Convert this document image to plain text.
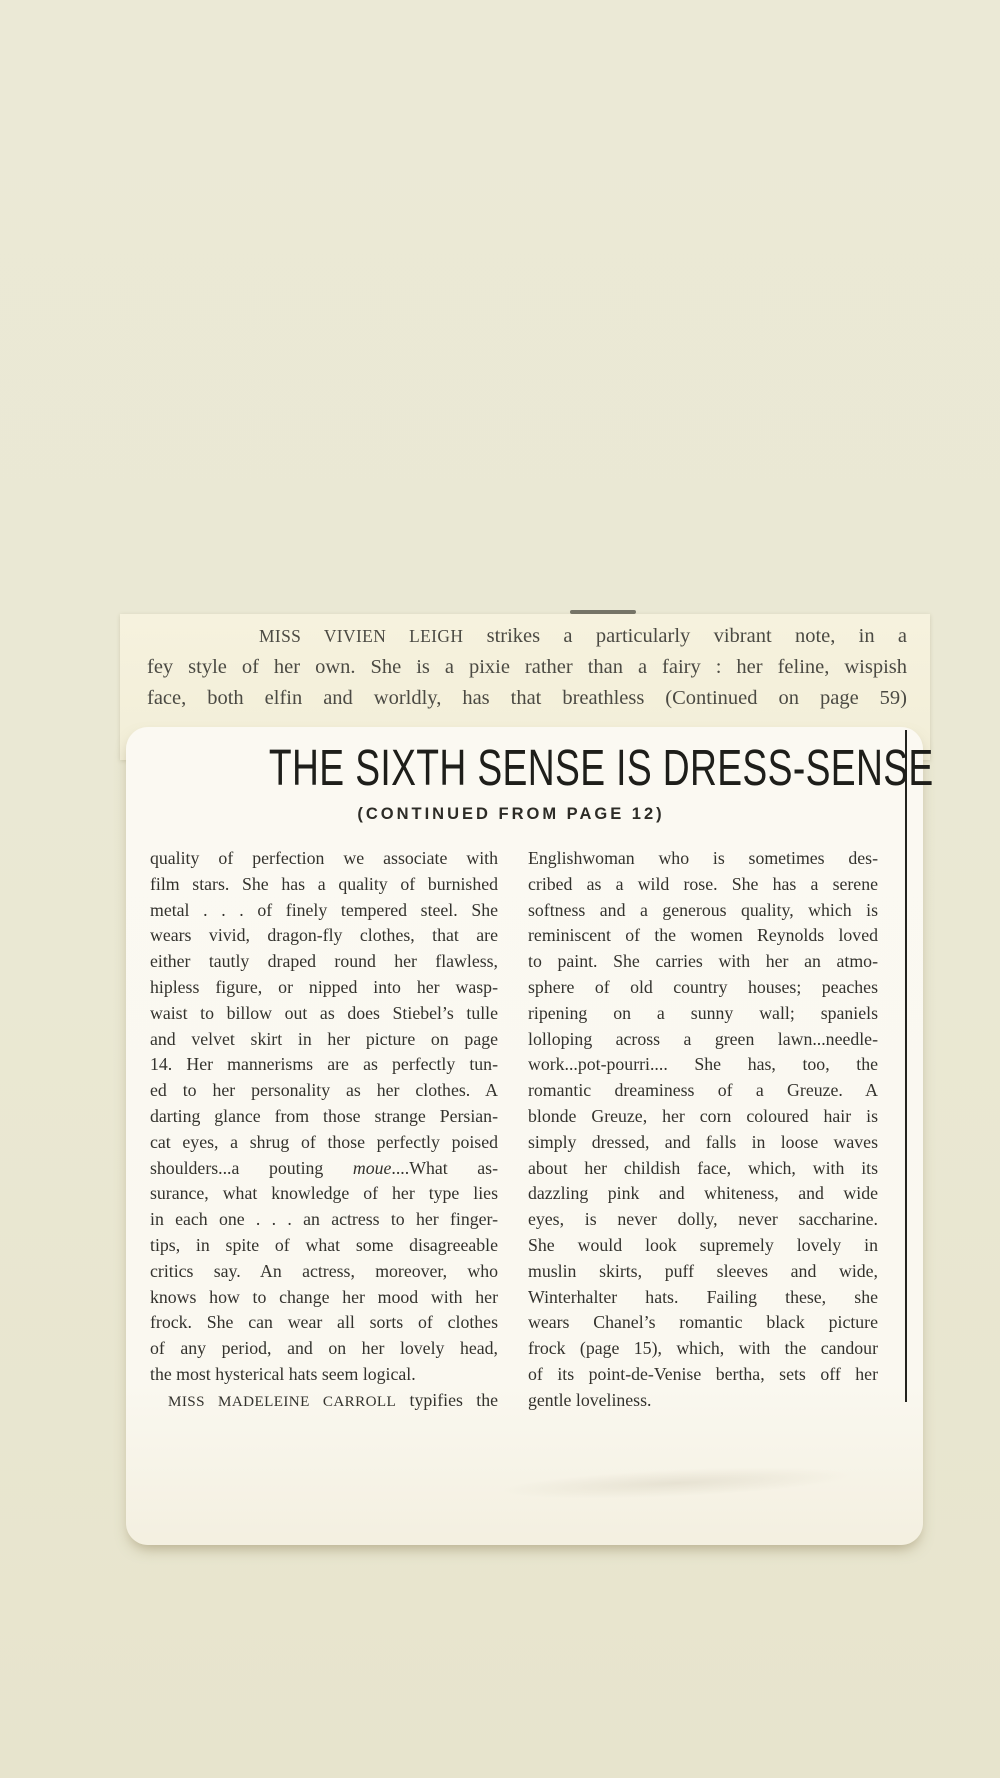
MISS VIVIEN LEIGH strikes a particularly vibrant note, in a
fey style of her own. She is a pixie rather than a fairy : her feline, wispish
face, both elfin and worldly, has that breathless (Continued on page 59)
THE SIXTH SENSE IS DRESS-SENSE
(CONTINUED FROM PAGE 12)
quality of perfection we associate with
film stars. She has a quality of burnished
metal . . . of finely tempered steel. She
wears vivid, dragon-fly clothes, that are
either tautly draped round her flawless,
hipless figure, or nipped into her wasp-
waist to billow out as does Stiebel’s tulle
and velvet skirt in her picture on page
14. Her mannerisms are as perfectly tun-
ed to her personality as her clothes. A
darting glance from those strange Persian-
cat eyes, a shrug of those perfectly poised
shoulders...a pouting moue....What as-
surance, what knowledge of her type lies
in each one . . . an actress to her finger-
tips, in spite of what some disagreeable
critics say. An actress, moreover, who
knows how to change her mood with her
frock. She can wear all sorts of clothes
of any period, and on her lovely head,
the most hysterical hats seem logical.
MISS MADELEINE CARROLL typifies the
Englishwoman who is sometimes des-
cribed as a wild rose. She has a serene
softness and a generous quality, which is
reminiscent of the women Reynolds loved
to paint. She carries with her an atmo-
sphere of old country houses; peaches
ripening on a sunny wall; spaniels
lolloping across a green lawn...needle-
work...pot-pourri.... She has, too, the
romantic dreaminess of a Greuze. A
blonde Greuze, her corn coloured hair is
simply dressed, and falls in loose waves
about her childish face, which, with its
dazzling pink and whiteness, and wide
eyes, is never dolly, never saccharine.
She would look supremely lovely in
muslin skirts, puff sleeves and wide,
Winterhalter hats. Failing these, she
wears Chanel’s romantic black picture
frock (page 15), which, with the candour
of its point-de-Venise bertha, sets off her
gentle loveliness.
